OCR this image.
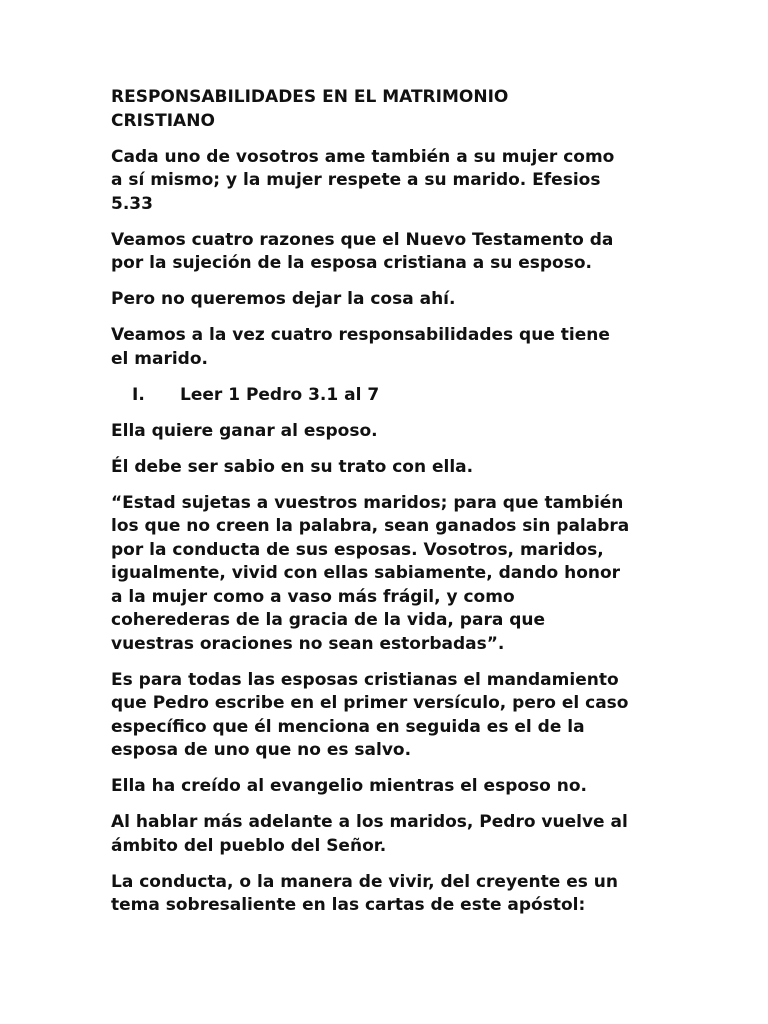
RESPONSABILIDADES EN EL MATRIMONIO
CRISTIANO

Cada uno de vosotros ame también a su mujer como
a sí mismo; y la mujer respete a su marido. Efesios
5.33

Veamos cuatro razones que el Nuevo Testamento da
por la sujeción de la esposa cristiana a su esposo.

Pero no queremos dejar la cosa ahí.

Veamos a la vez cuatro responsabilidades que tiene
el marido.

I.	Leer 1 Pedro 3.1 al 7

Ella quiere ganar al esposo.

Él debe ser sabio en su trato con ella.

“Estad sujetas a vuestros maridos; para que también
los que no creen la palabra, sean ganados sin palabra
por la conducta de sus esposas. Vosotros, maridos,
igualmente, vivid con ellas sabiamente, dando honor
a la mujer como a vaso más frágil, y como
coherederas de la gracia de la vida, para que
vuestras oraciones no sean estorbadas”.

Es para todas las esposas cristianas el mandamiento
que Pedro escribe en el primer versículo, pero el caso
específico que él menciona en seguida es el de la
esposa de uno que no es salvo.

Ella ha creído al evangelio mientras el esposo no.

Al hablar más adelante a los maridos, Pedro vuelve al
ámbito del pueblo del Señor.

La conducta, o la manera de vivir, del creyente es un
tema sobresaliente en las cartas de este apóstol:
